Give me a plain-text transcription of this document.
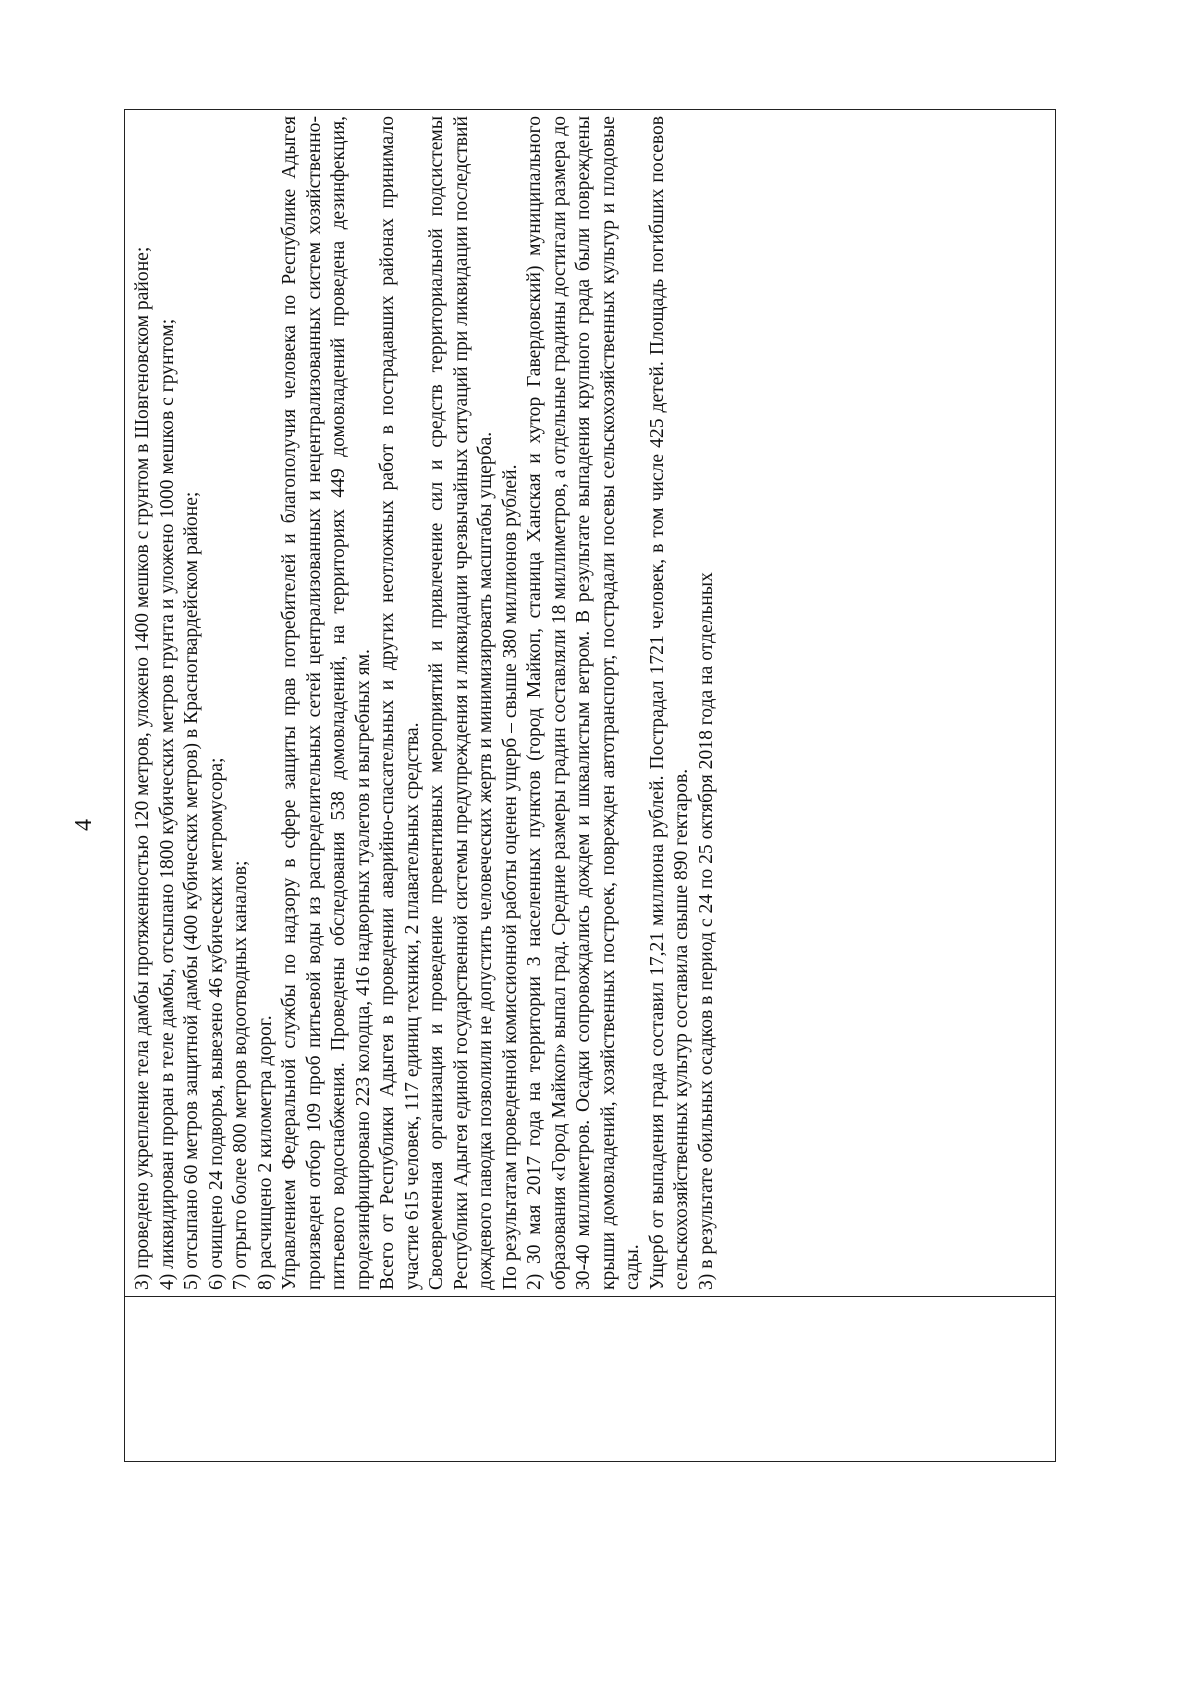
4
		3) проведено укрепление тела дамбы протяженностью 120 метров, уложено 1400 мешков с грунтом в Шовгеновском районе; 4) ликвидирован проран в теле дамбы, отсыпано 1800 кубических метров грунта и уложено 1000 мешков с грунтом; 5) отсыпано 60 метров защитной дамбы (400 кубических метров) в Красногвардейском районе; 6) очищено 24 подворья, вывезено 46 кубических метромусора; 7) отрыто более 800 метров водоотводных каналов; 8) расчищено 2 километра дорог. Управлением Федеральной службы по надзору в сфере защиты прав потребителей и благополучия человека по Республике Адыгея произведен отбор 109 проб питьевой воды из распределительных сетей централизованных и нецентрализованных систем хозяйственно-питьевого водоснабжения. Проведены обследования 538 домовладений, на территориях 449 домовладений проведена дезинфекция, продезинфицировано 223 колодца, 416 надворных туалетов и выгребных ям. Всего от Республики Адыгея в проведении аварийно-спасательных и других неотложных работ в пострадавших районах принимало участие 615 человек, 117 единиц техники, 2 плавательных средства. Своевременная организация и проведение превентивных мероприятий и привлечение сил и средств территориальной подсистемы Республики Адыгея единой государственной системы предупреждения и ликвидации чрезвычайных ситуаций при ликвидации последствий дождевого паводка позволили не допустить человеческих жертв и минимизировать масштабы ущерба. По результатам проведенной комиссионной работы оценен ущерб – свыше 380 миллионов рублей. 2) 30 мая 2017 года на территории 3 населенных пунктов (город Майкоп, станица Ханская и хутор Гавердовский) муниципального образования «Город Майкоп» выпал град. Средние размеры градин составляли 18 миллиметров, а отдельные градины достигали размера до 30-40 миллиметров. Осадки сопровождались дождем и шквалистым ветром. В результате выпадения крупного града были повреждены крыши домовладений, хозяйственных построек, поврежден автотранспорт, пострадали посевы сельскохозяйственных культур и плодовые сады. Ущерб от выпадения града составил 17,21 миллиона рублей. Пострадал 1721 человек, в том числе 425 детей. Площадь погибших посевов сельскохозяйственных культур составила свыше 890 гектаров. 3) в результате обильных осадков в период с 24 по 25 октября 2018 года на отдельных
